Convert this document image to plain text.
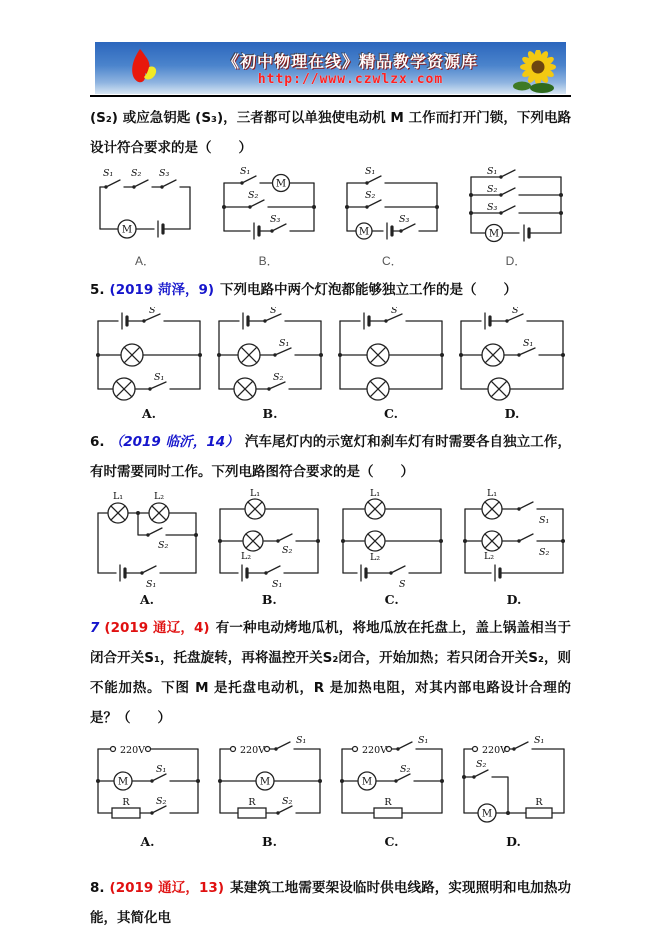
《初中物理在线》精品教学资源库
http://www.czwlzx.com

(S₂) 或应急钥匙 (S₃)，三者都可以单独使电动机 M 工作而打开门锁，下列电路设计符合要求的是（　　）

S₁ S₂ S₃
M
A．
S₁
S₂
S₃
M
B．
S₁
S₂
S₃
M
C．
S₁
S₂
S₃
M
D．

5. (2019 菏泽，9) 下列电路中两个灯泡都能够独立工作的是（　　）

S
S₁
A.
S
S₁
S₂
B.
S
C.
S
S₁
D.

6. （2019 临沂，14） 汽车尾灯内的示宽灯和刹车灯有时需要各自独立工作，有时需要同时工作。下列电路图符合要求的是（　　）

L₁	L₂
S₂
S₁
A.
L₁
L₂
S₂
S₁
B.
L₁
L₂
S
C.
L₁
L₂
S₁
S₂
D.

7 (2019 通辽，4) 有一种电动烤地瓜机，将地瓜放在托盘上，盖上锅盖相当于闭合开关S₁，托盘旋转，再将温控开关S₂闭合，开始加热；若只闭合开关S₂，则不能加热。下图 M 是托盘电动机，R 是加热电阻，对其内部电路设计合理的是？（　　）

220V
S₁
S₂
M
R
A.
220V
S₁
S₂
M
R
B.
220V
S₁
S₂
M
R
C.
220V
S₁
S₂
M
R
D.

8. (2019 通辽，13) 某建筑工地需要架设临时供电线路，实现照明和电加热功能，其简化电
